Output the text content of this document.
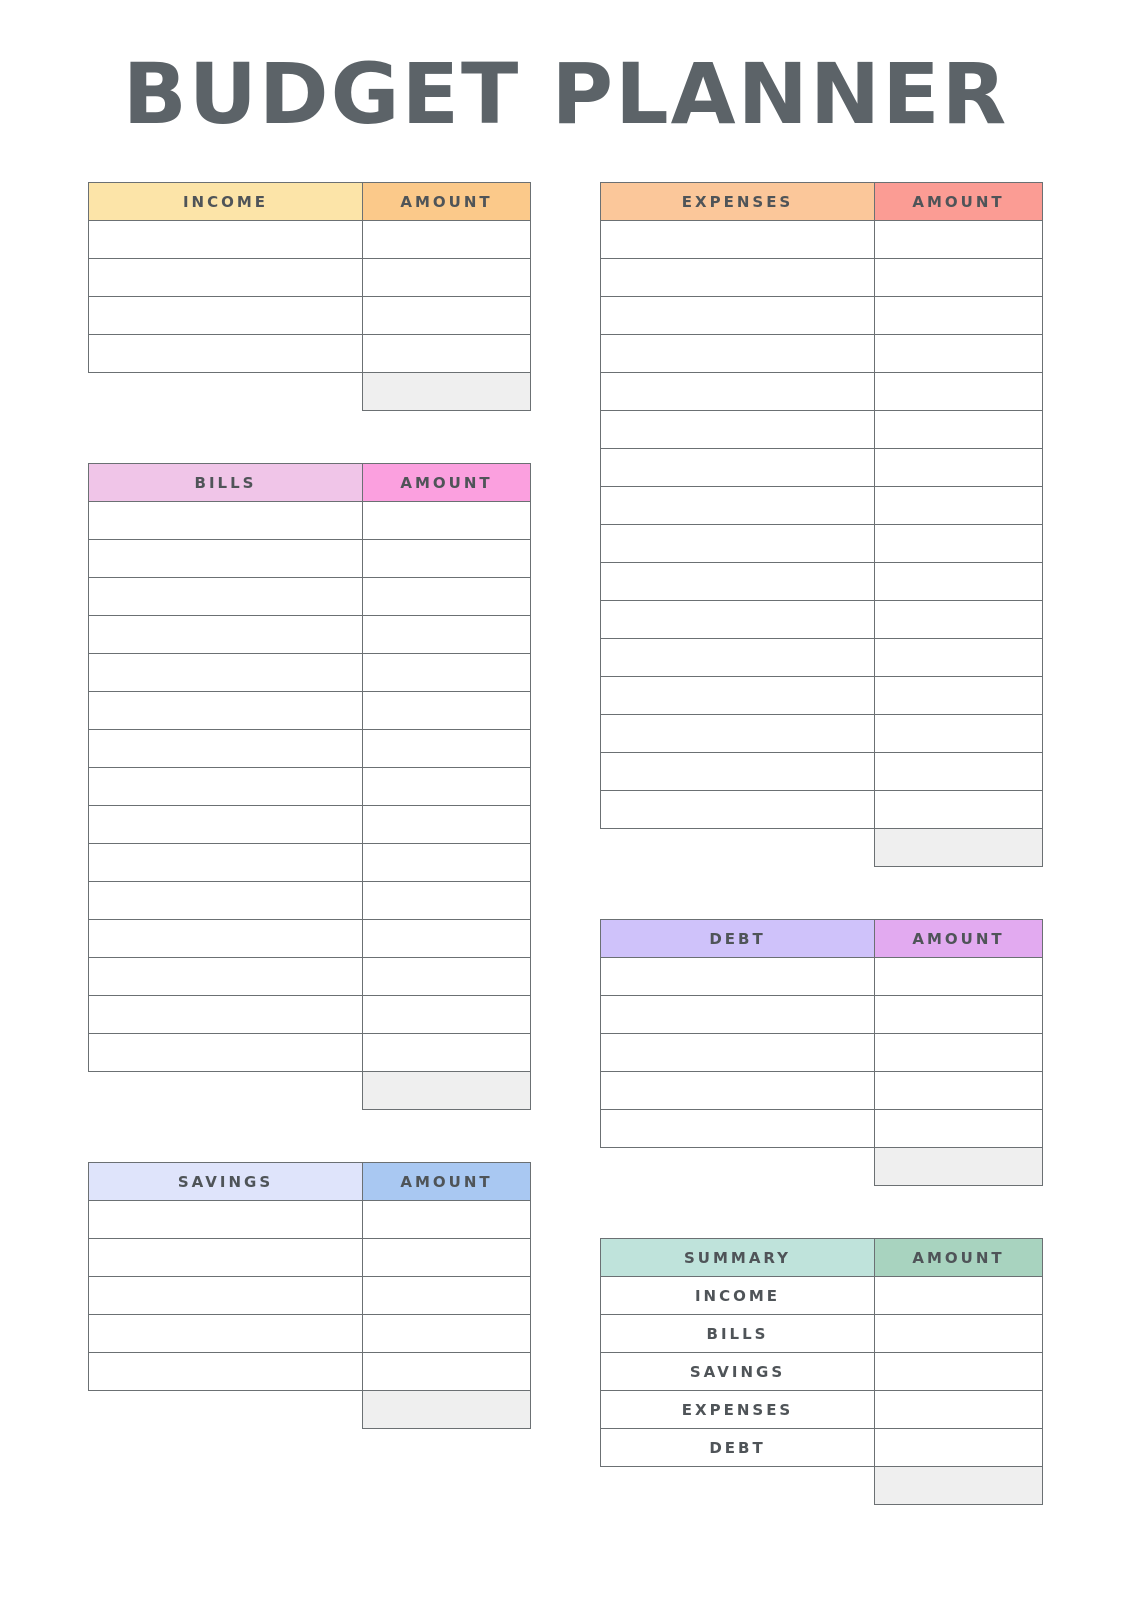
BUDGET PLANNER
INCOME	AMOUNT

BILLS	AMOUNT

SAVINGS	AMOUNT

EXPENSES	AMOUNT

DEBT	AMOUNT

SUMMARY	AMOUNT
INCOME	
BILLS	
SAVINGS	
EXPENSES	
DEBT	
